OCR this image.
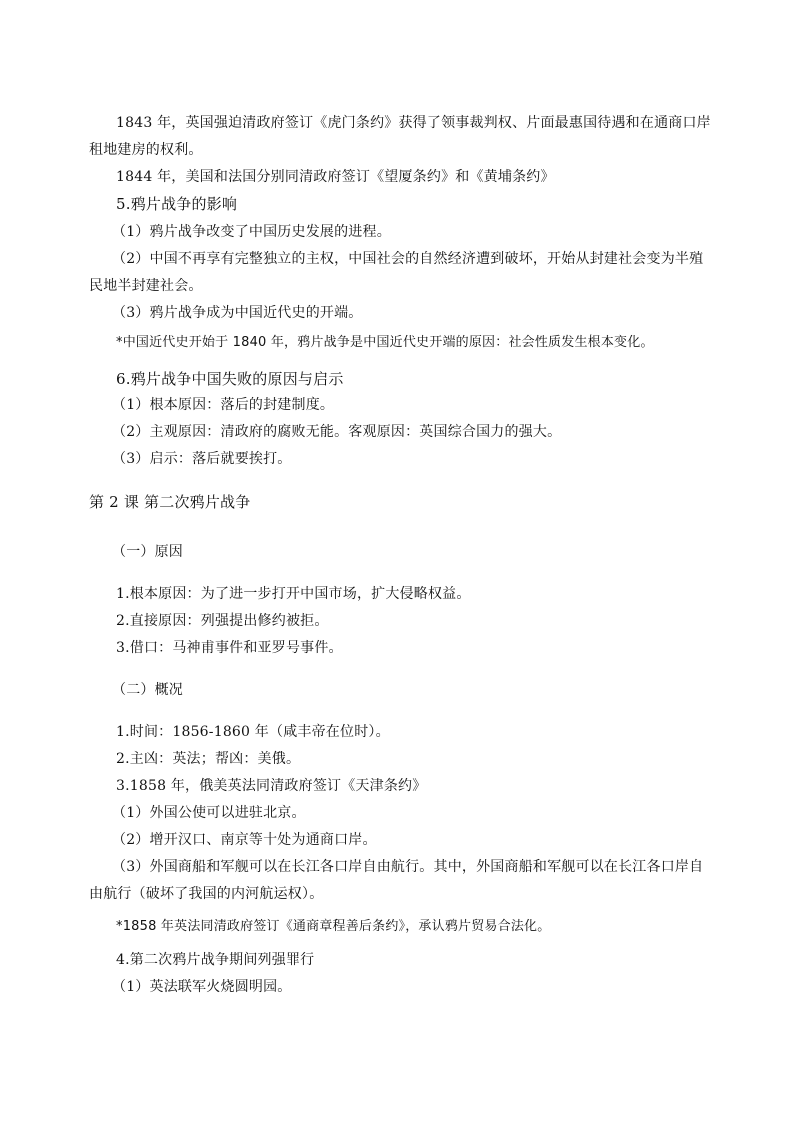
1843 年，英国强迫清政府签订《虎门条约》获得了领事裁判权、片面最惠国待遇和在通商口岸
租地建房的权利。
1844 年，美国和法国分别同清政府签订《望厦条约》和《黄埔条约》
5.鸦片战争的影响
（1）鸦片战争改变了中国历史发展的进程。
（2）中国不再享有完整独立的主权，中国社会的自然经济遭到破坏，开始从封建社会变为半殖
民地半封建社会。
（3）鸦片战争成为中国近代史的开端。
*中国近代史开始于 1840 年，鸦片战争是中国近代史开端的原因：社会性质发生根本变化。
6.鸦片战争中国失败的原因与启示
（1）根本原因：落后的封建制度。
（2）主观原因：清政府的腐败无能。客观原因：英国综合国力的强大。
（3）启示：落后就要挨打。
第 2 课 第二次鸦片战争
（一）原因
1.根本原因：为了进一步打开中国市场，扩大侵略权益。
2.直接原因：列强提出修约被拒。
3.借口：马神甫事件和亚罗号事件。
（二）概况
1.时间：1856-1860 年（咸丰帝在位时）。
2.主凶：英法；帮凶：美俄。
3.1858 年，俄美英法同清政府签订《天津条约》
（1）外国公使可以进驻北京。
（2）增开汉口、南京等十处为通商口岸。
（3）外国商船和军舰可以在长江各口岸自由航行。其中，外国商船和军舰可以在长江各口岸自
由航行（破坏了我国的内河航运权）。
*1858 年英法同清政府签订《通商章程善后条约》，承认鸦片贸易合法化。
4.第二次鸦片战争期间列强罪行
（1）英法联军火烧圆明园。
